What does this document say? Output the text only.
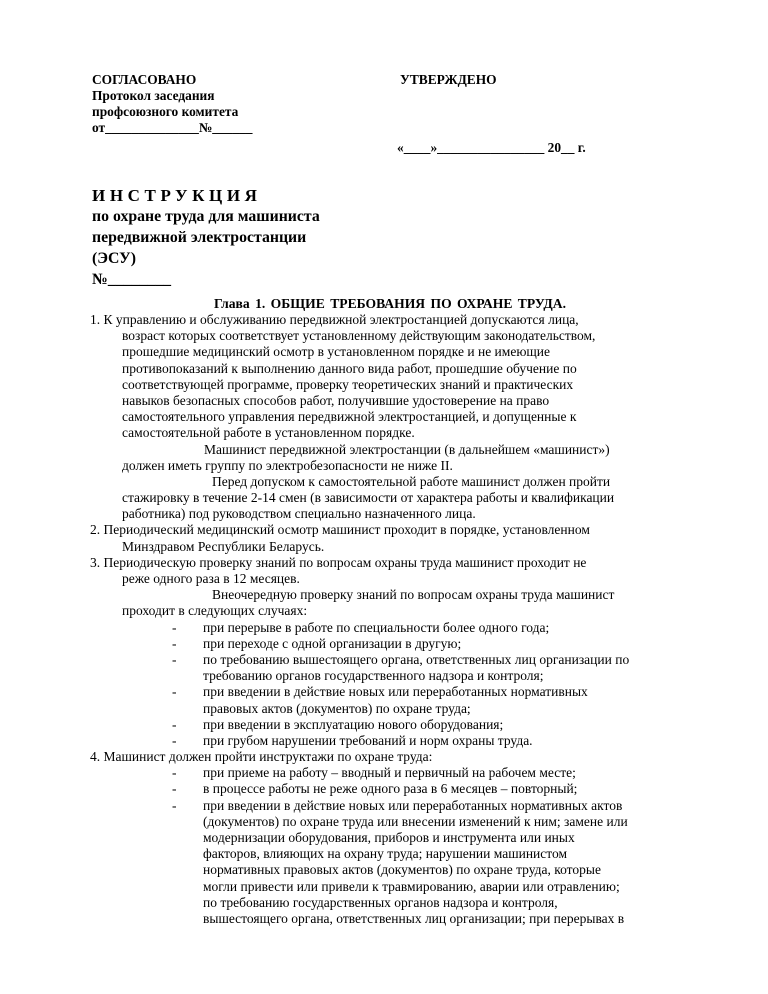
СОГЛАСОВАНО
Протокол заседания
профсоюзного комитета
от______________№______
УТВЕРЖДЕНО
«____»________________ 20__ г.
ИНСТРУКЦИЯ
по охране труда для машиниста
передвижной электростанции
(ЭСУ)
№________
Глава 1. ОБЩИЕ ТРЕБОВАНИЯ ПО ОХРАНЕ ТРУДА.
1. К управлению и обслуживанию передвижной электростанцией допускаются лица,
возраст которых соответствует установленному действующим законодательством,
прошедшие медицинский осмотр в установленном порядке и не имеющие
противопоказаний к выполнению данного вида работ, прошедшие обучение по
соответствующей программе, проверку теоретических знаний и практических
навыков безопасных способов работ, получившие удостоверение на право
самостоятельного управления передвижной электростанцией, и допущенные к
самостоятельной работе в установленном порядке.
Машинист передвижной электростанции (в дальнейшем «машинист»)
должен иметь группу по электробезопасности не ниже II.
Перед допуском к самостоятельной работе машинист должен пройти
стажировку в течение 2-14 смен (в зависимости от характера работы и квалификации
работника) под руководством специально назначенного лица.
2. Периодический медицинский осмотр машинист проходит в порядке, установленном
Минздравом Республики Беларусь.
3. Периодическую проверку знаний по вопросам охраны труда машинист проходит не
реже одного раза в 12 месяцев.
Внеочередную проверку знаний по вопросам охраны труда машинист
проходит в следующих случаях:
- при перерыве в работе по специальности более одного года;
- при переходе с одной организации в другую;
- по требованию вышестоящего органа, ответственных лиц организации по
требованию органов государственного надзора и контроля;
- при введении в действие новых или переработанных нормативных
правовых актов (документов) по охране труда;
- при введении в эксплуатацию нового оборудования;
- при грубом нарушении требований и норм охраны труда.
4. Машинист должен пройти инструктажи по охране труда:
- при приеме на работу – вводный и первичный на рабочем месте;
- в процессе работы не реже одного раза в 6 месяцев – повторный;
- при введении в действие новых или переработанных нормативных актов
(документов) по охране труда или внесении изменений к ним; замене или
модернизации оборудования, приборов и инструмента или иных
факторов, влияющих на охрану труда; нарушении машинистом
нормативных правовых актов (документов) по охране труда, которые
могли привести или привели к травмированию, аварии или отравлению;
по требованию государственных органов надзора и контроля,
вышестоящего органа, ответственных лиц организации; при перерывах в
